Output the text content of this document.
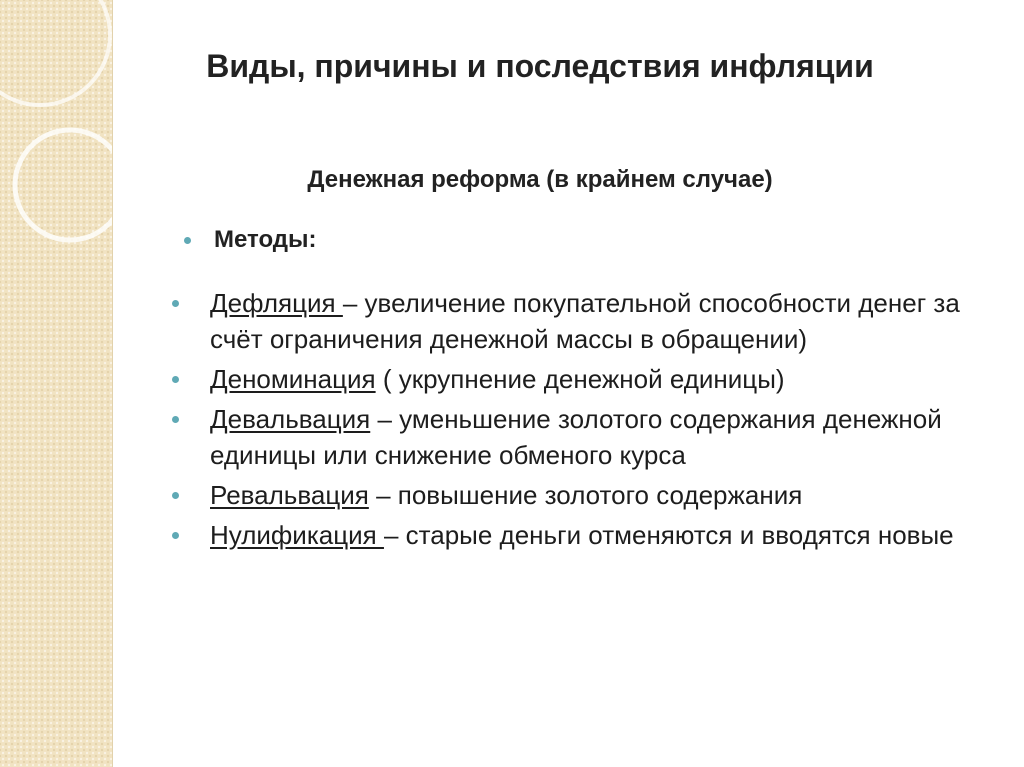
Виды, причины и последствия инфляции
Денежная реформа (в крайнем случае)
Методы:
Дефляция – увеличение покупательной способности денег за счёт ограничения денежной массы в обращении)
Деноминация ( укрупнение денежной единицы)
Девальвация – уменьшение золотого содержания денежной единицы или снижение обменого курса
Ревальвация – повышение золотого содержания
Нулификация – старые деньги отменяются и вводятся новые
